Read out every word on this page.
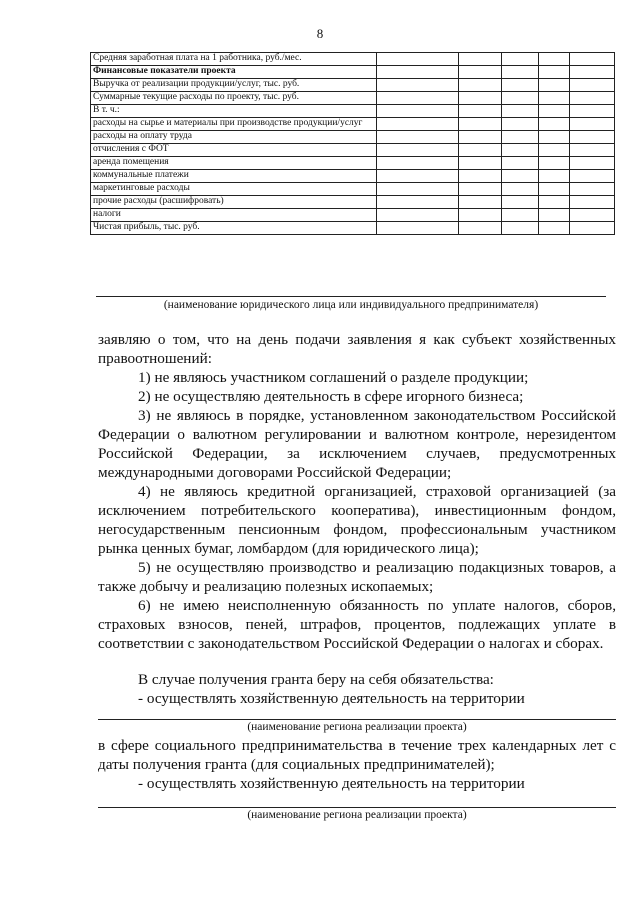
8
Средняя заработная плата на 1 работника, руб./мес.					
Финансовые показатели проекта					
Выручка от реализации продукции/услуг, тыс. руб.					
Суммарные текущие расходы по проекту, тыс. руб.					
В т. ч.:					
расходы на сырье и материалы при производстве продукции/услуг					
расходы на оплату труда					
отчисления с ФОТ					
аренда помещения					
коммунальные платежи					
маркетинговые расходы					
прочие расходы (расшифровать)					
налоги					
Чистая прибыль, тыс. руб.					
(наименование юридического лица или индивидуального предпринимателя)

заявляю о том, что на день подачи заявления я как субъект хозяйственных правоотношений:

1) не являюсь участником соглашений о разделе продукции;

2) не осуществляю деятельность в сфере игорного бизнеса;

3) не являюсь в порядке, установленном законодательством Российской Федерации о валютном регулировании и валютном контроле, нерезидентом Российской Федерации, за исключением случаев, предусмотренных международными договорами Российской Федерации;

4) не являюсь кредитной организацией, страховой организацией (за исключением потребительского кооператива), инвестиционным фондом, негосударственным пенсионным фондом, профессиональным участником рынка ценных бумаг, ломбардом (для юридического лица);

5) не осуществляю производство и реализацию подакцизных товаров, а также добычу и реализацию полезных ископаемых;

6) не имею неисполненную обязанность по уплате налогов, сборов, страховых взносов, пеней, штрафов, процентов, подлежащих уплате в соответствии с законодательством Российской Федерации о налогах и сборах.

В случае получения гранта беру на себя обязательства:

- осуществлять хозяйственную деятельность на территории

(наименование региона реализации проекта)

в сфере социального предпринимательства в течение трех календарных лет с даты получения гранта (для социальных предпринимателей);

- осуществлять хозяйственную деятельность на территории

(наименование региона реализации проекта)
